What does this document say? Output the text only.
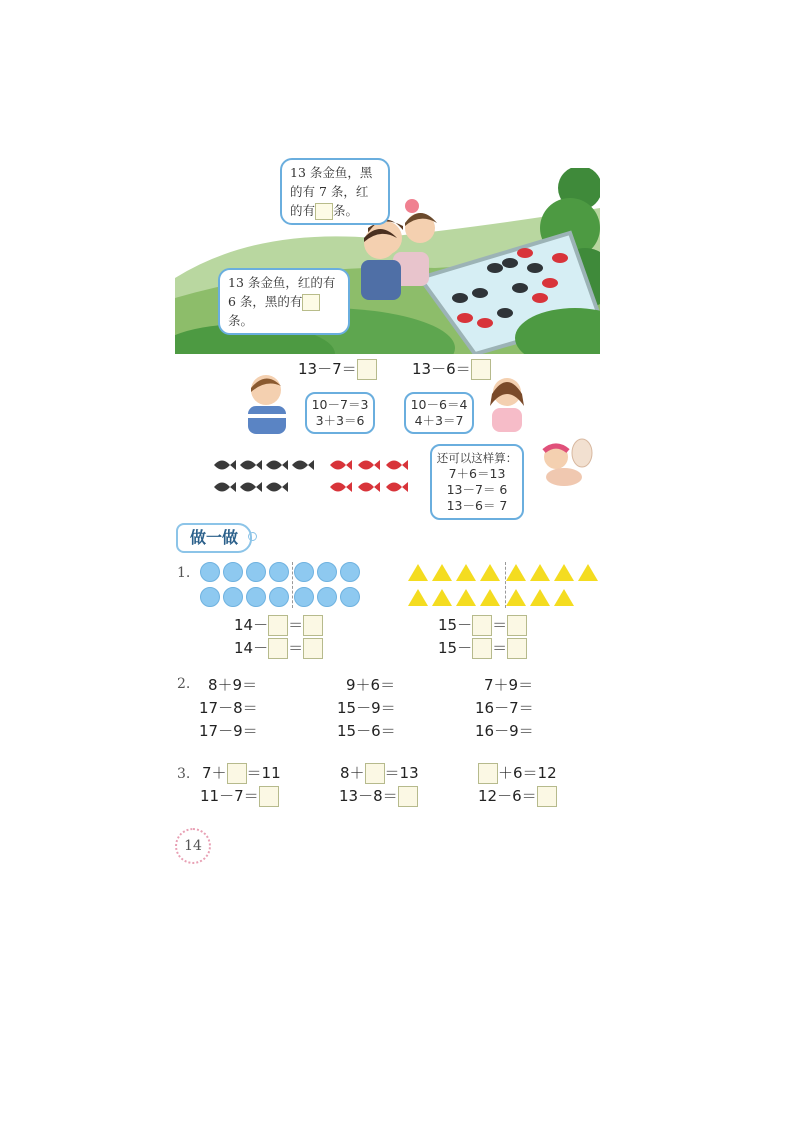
13 条金鱼，黑
的有 7 条，红
的有 条。
13 条金鱼，红的有
6 条，黑的有条。
13－7＝	13－6＝
10－7＝3
3＋3＝6
10－6＝4
4＋3＝7
还可以这样算：
7＋6＝13
13－7＝ 6
13－6＝ 7
做一做
1.
14－ ＝
14－ ＝
15－ ＝
15－ ＝
2. 8＋9＝	9＋6＝	7＋9＝
17－8＝	15－9＝	16－7＝
17－9＝	15－6＝	16－9＝
3. 7＋ ＝11	8＋ ＝13	＋6＝12
11－7＝	13－8＝	12－6＝
14
